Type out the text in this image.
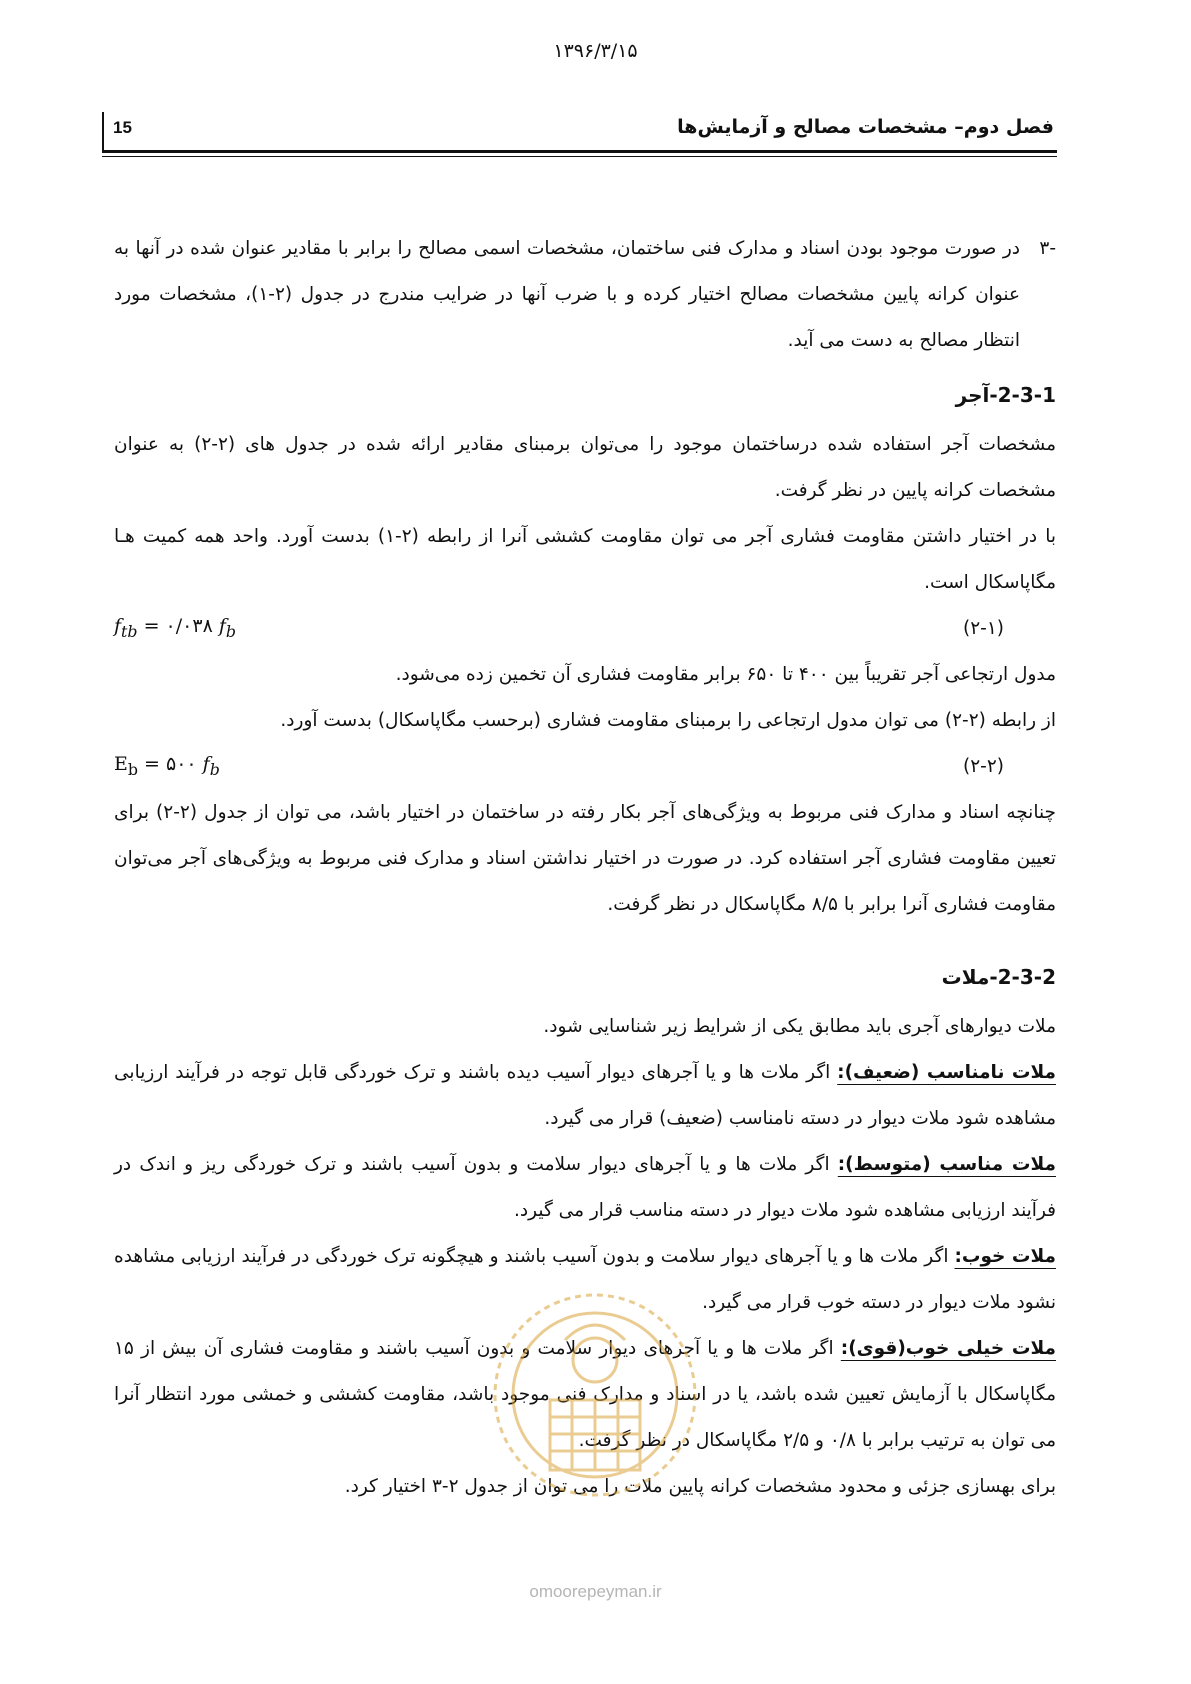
۱۳۹۶/۳/۱۵
فصل دوم– مشخصات مصالح و آزمایش‌ها
15
-۳
در صورت موجود بودن اسناد و مدارک فنی ساختمان، مشخصات اسمی مصالح را برابر با مقادیر عنوان شده در آنها به عنوان کرانه پایین مشخصات مصالح اختیار کرده و با ضرب آنها در ضرایب مندرج در جدول (۲-۱)، مشخصات مورد انتظار مصالح به دست می آید.

2-3-1-آجر

مشخصات آجر استفاده شده درساختمان موجود را می‌توان برمبنای مقادیر ارائه شده در جدول های (۲-۲) به عنوان مشخصات کرانه پایین در نظر گرفت.

با در اختیار داشتن مقاومت فشاری آجر می توان مقاومت کششی آنرا از رابطه (۲-۱) بدست آورد. واحد همه کمیت هـا مگاپاسکال است.

$f_{tb}$ = ۰/۰۳۸ $f_b$	(۲-۱)

مدول ارتجاعی آجر تقریباً بین ۴۰۰ تا ۶۵۰ برابر مقاومت فشاری آن تخمین زده می‌شود.

از رابطه (۲-۲) می توان مدول ارتجاعی را برمبنای مقاومت فشاری (برحسب مگاپاسکال) بدست آورد.

$E_b$ = ۵۰۰ $f_b$	(۲-۲)

چنانچه اسناد و مدارک فنی مربوط به ویژگی‌های آجر بکار رفته در ساختمان در اختیار باشد، می توان از جدول (۲-۲) برای تعیین مقاومت فشاری آجر استفاده کرد. در صورت در اختیار نداشتن اسناد و مدارک فنی مربوط به ویژگی‌های آجر می‌توان مقاومت فشاری آنرا برابر با ۸/۵ مگاپاسکال در نظر گرفت.

2-3-2-ملات

ملات دیوارهای آجری باید مطابق یکی از شرایط زیر شناسایی شود.

ملات نامناسب (ضعیف): اگر ملات ها و یا آجرهای دیوار آسیب دیده باشند و ترک خوردگی قابل توجه در فرآیند ارزیابی مشاهده شود ملات دیوار در دسته نامناسب (ضعیف) قرار می گیرد.

ملات مناسب (متوسط): اگر ملات ها و یا آجرهای دیوار سلامت و بدون آسیب باشند و ترک خوردگی ریز و اندک در فرآیند ارزیابی مشاهده شود ملات دیوار در دسته مناسب قرار می گیرد.

ملات خوب: اگر ملات ها و یا آجرهای دیوار سلامت و بدون آسیب باشند و هیچگونه ترک خوردگی در فرآیند ارزیابی مشاهده نشود ملات دیوار در دسته خوب قرار می گیرد.

ملات خیلی خوب(قوی): اگر ملات ها و یا آجرهای دیوار سلامت و بدون آسیب باشند و مقاومت فشاری آن بیش از ۱۵ مگاپاسکال با آزمایش تعیین شده باشد، یا در اسناد و مدارک فنی موجود باشد، مقاومت کششی و خمشی مورد انتظار آنرا می توان به ترتیب برابر با ۰/۸ و ۲/۵ مگاپاسکال در نظر گرفت.

برای بهسازی جزئی و محدود مشخصات کرانه پایین ملات را می توان از جدول ۲-۳ اختیار کرد.

omoorepeyman.ir
